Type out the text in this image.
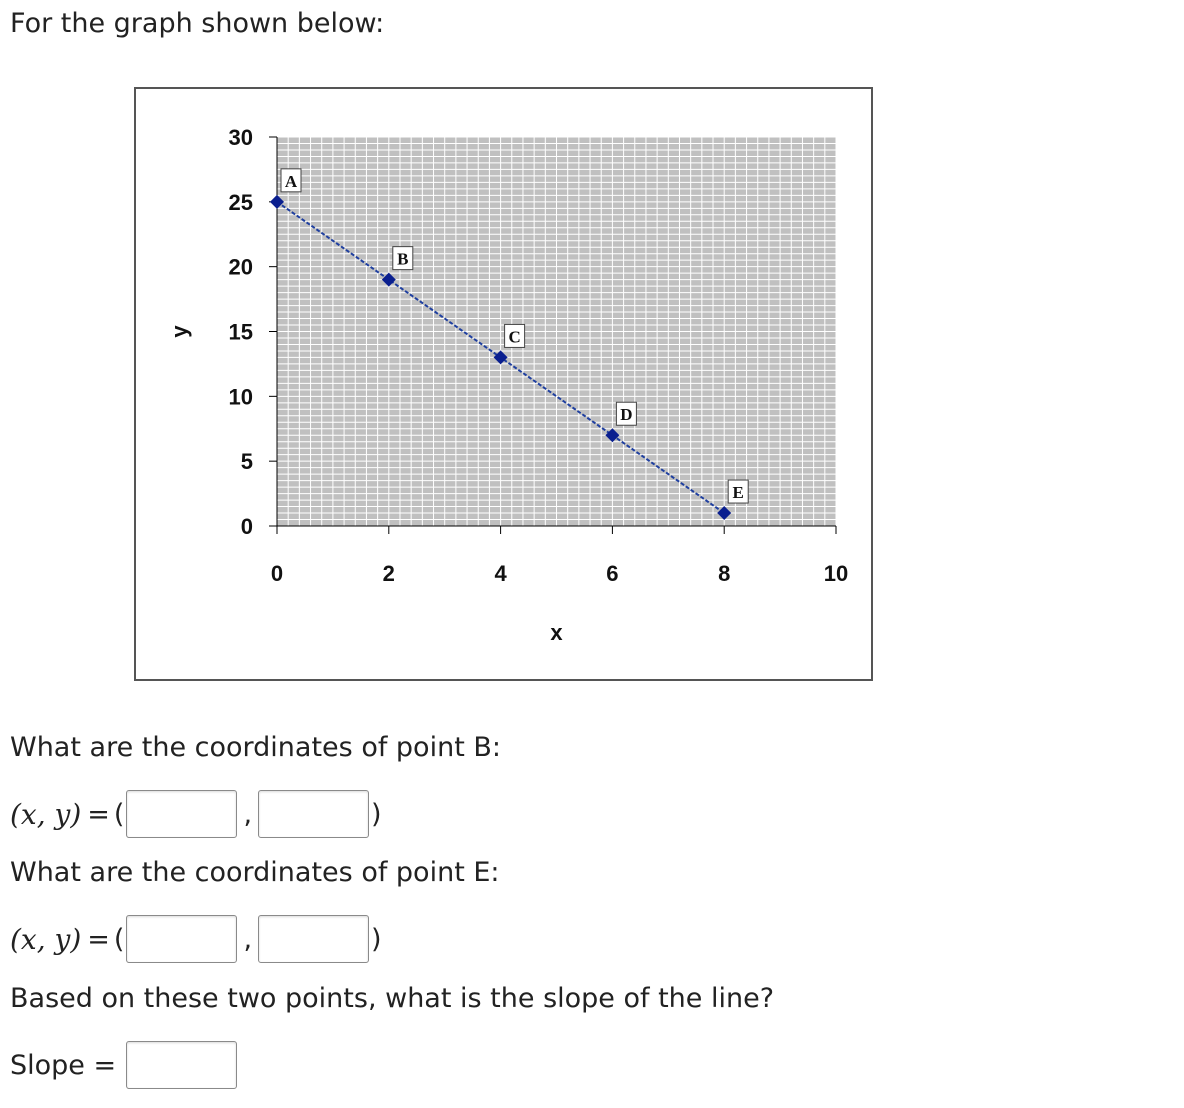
For the graph shown below:
0
5
10
15
20
25
30
0	2	4	6	8	10
x
y
A
B
C
D
E
What are the coordinates of point B:
(x, y) = (	,	)
What are the coordinates of point E:
(x, y) = (	,	)
Based on these two points, what is the slope of the line?
Slope =
